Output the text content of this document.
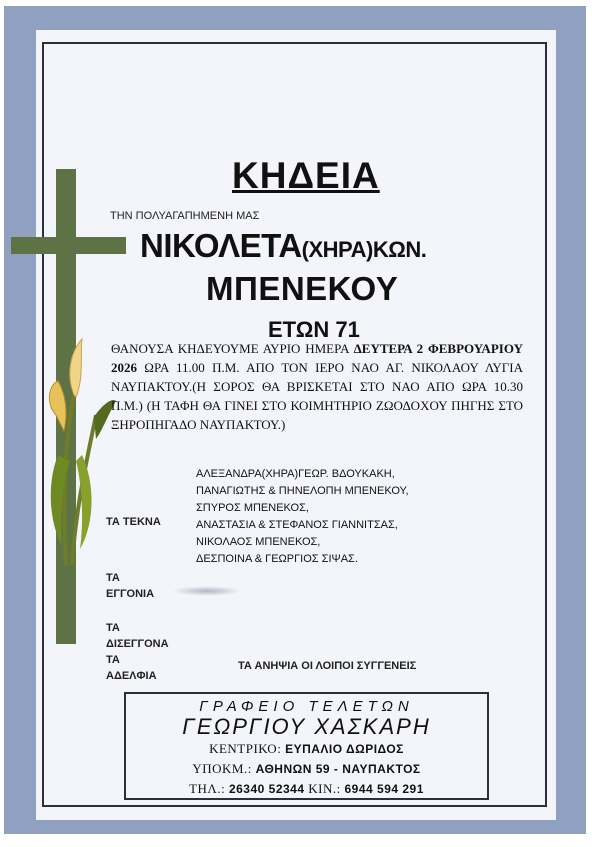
ΚΗΔΕΙΑ
ΤΗΝ ΠΟΛΥΑΓΑΠΗΜΕΝΗ ΜΑΣ
ΝΙΚΟΛΕΤΑ(ΧΗΡΑ)ΚΩΝ.
ΜΠΕΝΕΚΟΥ
ΕΤΩΝ 71
ΘΑΝΟΥΣΑ ΚΗΔΕΥΟΥΜΕ ΑΥΡΙΟ ΗΜΕΡΑ ΔΕΥΤΕΡΑ 2 ΦΕΒΡΟΥΑΡΙΟΥ 2026 ΩΡΑ 11.00 Π.Μ. ΑΠΟ ΤΟΝ ΙΕΡΟ ΝΑΟ ΑΓ. ΝΙΚΟΛΑΟΥ ΛΥΓΙΑ ΝΑΥΠΑΚΤΟΥ.(Η ΣΟΡΟΣ ΘΑ ΒΡΙΣΚΕΤΑΙ ΣΤΟ ΝΑΟ ΑΠΟ ΩΡΑ 10.30 Π.Μ.) (Η ΤΑΦΗ ΘΑ ΓΙΝΕΙ ΣΤΟ ΚΟΙΜΗΤΗΡΙΟ ΖΩΟΔΟΧΟΥ ΠΗΓΗΣ ΣΤΟ ΞΗΡΟΠΗΓΑΔΟ ΝΑΥΠΑΚΤΟΥ.)
ΑΛΕΞΑΝΔΡΑ(ΧΗΡΑ)ΓΕΩΡ. ΒΔΟΥΚΑΚΗ,
ΠΑΝΑΓΙΩΤΗΣ & ΠΗΝΕΛΟΠΗ ΜΠΕΝΕΚΟΥ,
ΣΠΥΡΟΣ ΜΠΕΝΕΚΟΣ,
ΑΝΑΣΤΑΣΙΑ & ΣΤΕΦΑΝΟΣ ΓΙΑΝΝΙΤΣΑΣ,
ΝΙΚΟΛΑΟΣ ΜΠΕΝΕΚΟΣ,
ΔΕΣΠΟΙΝΑ & ΓΕΩΡΓΙΟΣ ΣΙΨΑΣ.
ΤΑ ΤΕΚΝΑ
ΤΑ
ΕΓΓΟΝΙΑ
ΤΑ
ΔΙΣΕΓΓΟΝΑ
ΤΑ
ΑΔΕΛΦΙΑ
ΤΑ ΑΝΗΨΙΑ ΟΙ ΛΟΙΠΟΙ ΣΥΓΓΕΝΕΙΣ
ΓΡΑΦΕΙΟ ΤΕΛΕΤΩΝ
ΓΕΩΡΓΙΟΥ ΧΑΣΚΑΡΗ
ΚΕΝΤΡΙΚΟ: ΕΥΠΑΛΙΟ ΔΩΡΙΔΟΣ
ΥΠΟΚΜ.: ΑΘΗΝΩΝ 59 - ΝΑΥΠΑΚΤΟΣ
ΤΗΛ.: 26340 52344 ΚΙΝ.: 6944 594 291
